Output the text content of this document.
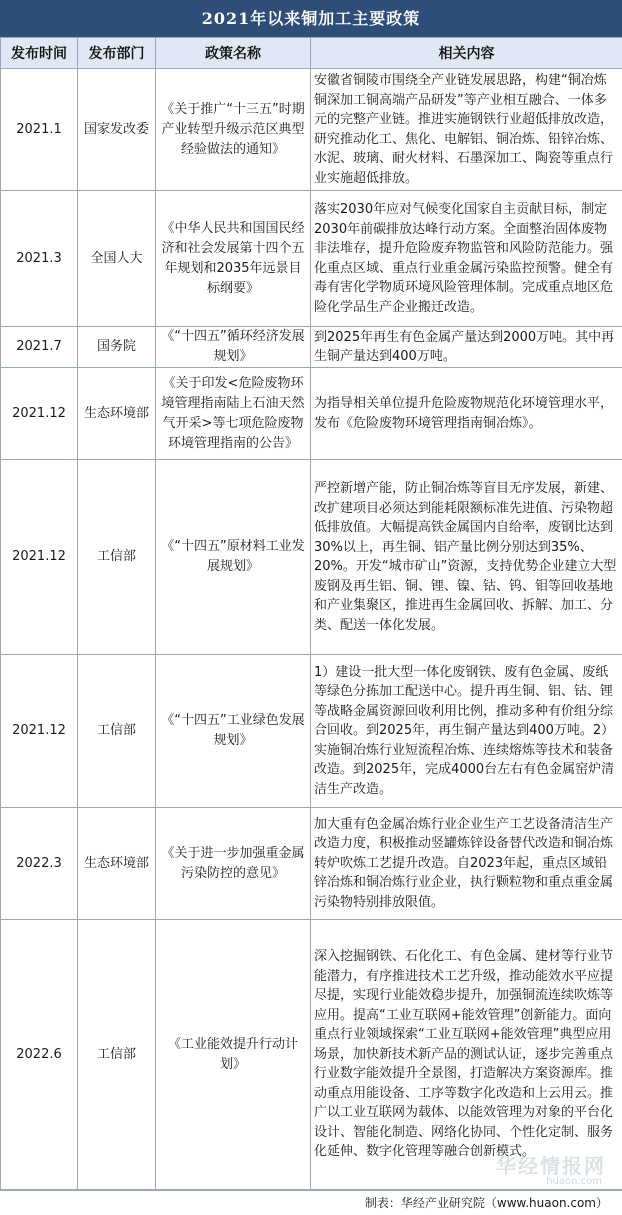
2021年以来铜加工主要政策
发布时间	发布部门	政策名称	相关内容
2021.1	国家发改委	《关于推广“十三五”时期产业转型升级示范区典型经验做法的通知》	安徽省铜陵市围绕全产业链发展思路，构建“铜冶炼铜深加工铜高端产品研发”等产业相互融合、一体多元的完整产业链。推进实施钢铁行业超低排放改造，研究推动化工、焦化、电解铝、铜冶炼、铅锌冶炼、水泥、玻璃、耐火材料、石墨深加工、陶瓷等重点行业实施超低排放。
2021.3	全国人大	《中华人民共和国国民经济和社会发展第十四个五年规划和2035年远景目标纲要》	落实2030年应对气候变化国家自主贡献目标，制定2030年前碳排放达峰行动方案。全面整治固体废物非法堆存，提升危险废弃物监管和风险防范能力。强化重点区域、重点行业重金属污染监控预警。健全有毒有害化学物质环境风险管理体制。完成重点地区危险化学品生产企业搬迁改造。
2021.7	国务院	《“十四五”循环经济发展规划》	到2025年再生有色金属产量达到2000万吨。其中再生铜产量达到400万吨。
2021.12	生态环境部	《关于印发<危险废物环境管理指南陆上石油天然气开采>等七项危险废物环境管理指南的公告》	为指导相关单位提升危险废物规范化环境管理水平，发布《危险废物环境管理指南铜冶炼》。
2021.12	工信部	《“十四五”原材料工业发展规划》	严控新增产能，防止铜冶炼等盲目无序发展，新建、改扩建项目必须达到能耗限额标准先进值、污染物超低排放值。大幅提高铁金属国内自给率，废钢比达到30%以上，再生铜、铝产量比例分别达到35%、20%。开发“城市矿山”资源，支持优势企业建立大型废钢及再生铝、铜、锂、镍、钴、钨、钼等回收基地和产业集聚区，推进再生金属回收、拆解、加工、分类、配送一体化发展。
2021.12	工信部	《“十四五”工业绿色发展规划》	1）建设一批大型一体化废钢铁、废有色金属、废纸等绿色分拣加工配送中心。提升再生铜、铝、钴、锂等战略金属资源回收利用比例，推动多种有价组分综合回收。到2025年，再生铜产量达到400万吨。2）实施铜冶炼行业短流程冶炼、连续熔炼等技术和装备改造。到2025年，完成4000台左右有色金属窑炉清洁生产改造。
2022.3	生态环境部	《关于进一步加强重金属污染防控的意见》	加大重有色金属冶炼行业企业生产工艺设备清洁生产改造力度，积极推动竖罐炼锌设备替代改造和铜冶炼转炉吹炼工艺提升改造。自2023年起，重点区域铅锌冶炼和铜冶炼行业企业，执行颗粒物和重点重金属污染物特别排放限值。
2022.6	工信部	《工业能效提升行动计划》	深入挖掘钢铁、石化化工、有色金属、建材等行业节能潜力，有序推进技术工艺升级，推动能效水平应提尽提，实现行业能效稳步提升，加强铜流连续吹炼等应用。提高“工业互联网+能效管理”创新能力。面向重点行业领域探索“工业互联网+能效管理”典型应用场景，加快新技术新产品的测试认证，逐步完善重点行业数字能效提升全景图，打造解决方案资源库。推动重点用能设备、工序等数字化改造和上云用云。推广以工业互联网为载体、以能效管理为对象的平台化设计、智能化制造、网络化协同、个性化定制、服务化延伸、数字化管理等融合创新模式。
华经情报网
huaon.com
制表：华经产业研究院（www.huaon.com）
